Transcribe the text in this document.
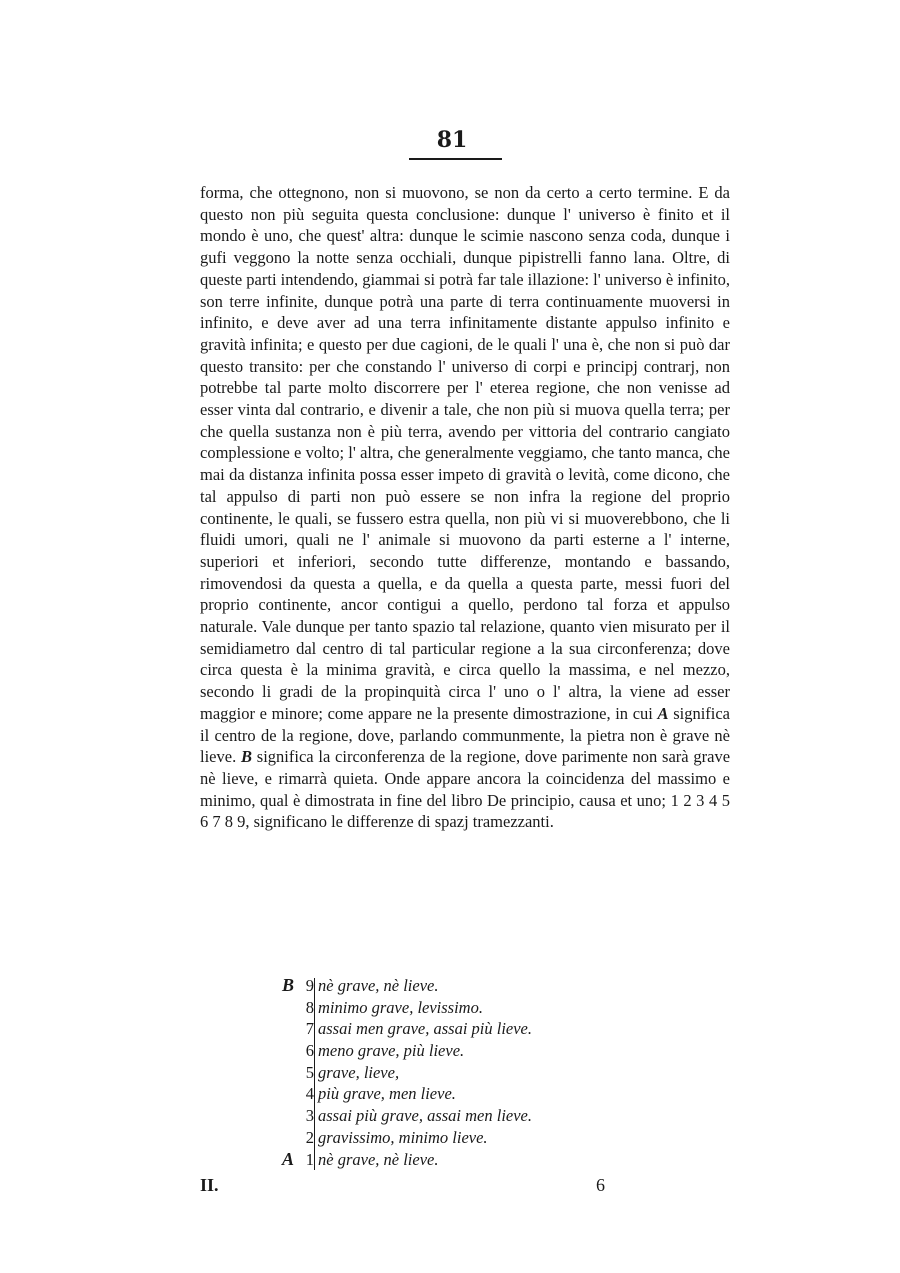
81

forma, che ottegnono, non si muovono, se non da certo a certo termine. E da questo non più seguita questa conclusione: dunque l' universo è finito et il mondo è uno, che quest' altra: dunque le scimie nascono senza coda, dunque i gufi veggono la notte senza occhiali, dunque pipistrelli fanno lana. Oltre, di queste parti intendendo, giammai si potrà far tale illazione: l' universo è infinito, son terre infinite, dunque potrà una parte di terra continuamente muoversi in infinito, e deve aver ad una terra infinitamente distante appulso infinito e gravità infinita; e questo per due cagioni, de le quali l' una è, che non si può dar questo transito: per che constando l' universo di corpi e principj contrarj, non potrebbe tal parte molto discorrere per l' eterea regione, che non venisse ad esser vinta dal contrario, e divenir a tale, che non più si muova quella terra; per che quella sustanza non è più terra, avendo per vittoria del contrario cangiato complessione e volto; l' altra, che generalmente veggiamo, che tanto manca, che mai da distanza infinita possa esser impeto di gravità o levità, come dicono, che tal appulso di parti non può essere se non infra la regione del proprio continente, le quali, se fussero estra quella, non più vi si muoverebbono, che li fluidi umori, quali ne l' animale si muovono da parti esterne a l' interne, superiori et inferiori, secondo tutte differenze, montando e bassando, rimovendosi da questa a quella, e da quella a questa parte, messi fuori del proprio continente, ancor contigui a quello, perdono tal forza et appulso naturale. Vale dunque per tanto spazio tal relazione, quanto vien misurato per il semidiametro dal centro di tal particular regione a la sua circonferenza; dove circa questa è la minima gravità, e circa quello la massima, e nel mezzo, secondo li gradi de la propinquità circa l' uno o l' altra, la viene ad esser maggior e minore; come appare ne la presente dimostrazione, in cui A significa il centro de la regione, dove, parlando communmente, la pietra non è grave nè lieve. B significa la circonferenza de la regione, dove parimente non sarà grave nè lieve, e rimarrà quieta. Onde appare ancora la coincidenza del massimo e minimo, qual è dimostrata in fine del libro De principio, causa et uno; 1 2 3 4 5 6 7 8 9, significano le differenze di spazj tramezzanti.

B 9 nè grave, nè lieve.
8 minimo grave, levissimo.
7 assai men grave, assai più lieve.
6 meno grave, più lieve.
5 grave, lieve,
4 più grave, men lieve.
3 assai più grave, assai men lieve.
2 gravissimo, minimo lieve.
A 1 nè grave, nè lieve.
II.	6
